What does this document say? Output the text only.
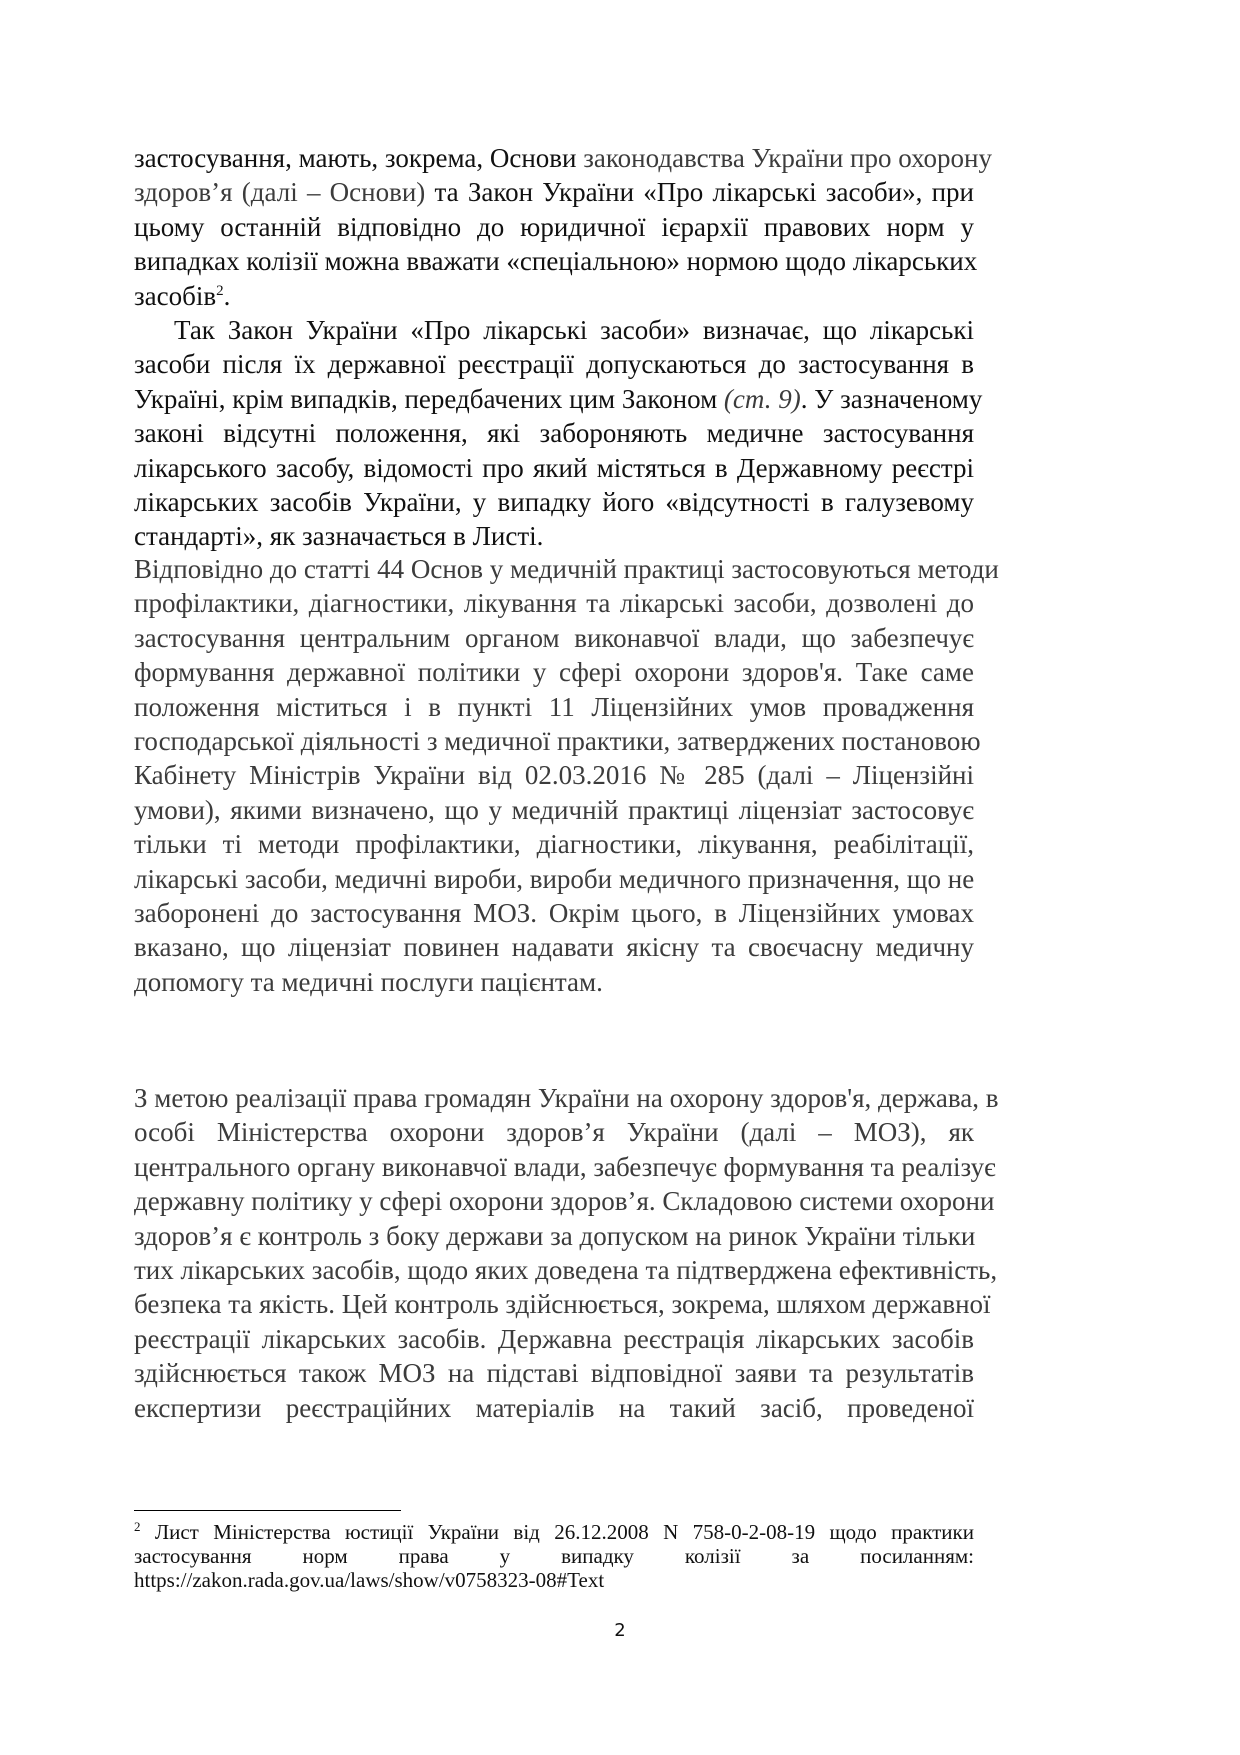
застосування, мають, зокрема, Основи законодавства України про охорону
здоров’я (далі – Основи) та Закон України «Про лікарські засоби», при
цьому останній відповідно до юридичної ієрархії правових норм у
випадках колізії можна вважати «спеціальною» нормою щодо лікарських
засобів$^2$.
Так Закон України «Про лікарські засоби» визначає, що лікарські
засоби після їх державної реєстрації допускаються до застосування в
Україні, крім випадків, передбачених цим Законом (ст. 9). У зазначеному
законі відсутні положення, які забороняють медичне застосування
лікарського засобу, відомості про який містяться в Державному реєстрі
лікарських засобів України, у випадку його «відсутності в галузевому
стандарті», як зазначається в Листі.
Відповідно до статті 44 Основ у медичній практиці застосовуються методи
профілактики, діагностики, лікування та лікарські засоби, дозволені до
застосування центральним органом виконавчої влади, що забезпечує
формування державної політики у сфері охорони здоров'я. Таке саме
положення міститься і в пункті 11 Ліцензійних умов провадження
господарської діяльності з медичної практики, затверджених постановою
Кабінету Міністрів України від 02.03.2016 № 285 (далі – Ліцензійні
умови), якими визначено, що у медичній практиці ліцензіат застосовує
тільки ті методи профілактики, діагностики, лікування, реабілітації,
лікарські засоби, медичні вироби, вироби медичного призначення, що не
заборонені до застосування МОЗ. Окрім цього, в Ліцензійних умовах
вказано, що ліцензіат повинен надавати якісну та своєчасну медичну
допомогу та медичні послуги пацієнтам.
З метою реалізації права громадян України на охорону здоров'я, держава, в
особі Міністерства охорони здоров’я України (далі – МОЗ), як
центрального органу виконавчої влади, забезпечує формування та реалізує
державну політику у сфері охорони здоров’я. Складовою системи охорони
здоров’я є контроль з боку держави за допуском на ринок України тільки
тих лікарських засобів, щодо яких доведена та підтверджена ефективність,
безпека та якість. Цей контроль здійснюється, зокрема, шляхом державної
реєстрації лікарських засобів. Державна реєстрація лікарських засобів
здійснюється також МОЗ на підставі відповідної заяви та результатів
експертизи реєстраційних матеріалів на такий засіб, проведеної
$^2$ Лист Міністерства юстиції України від 26.12.2008 N 758-0-2-08-19 щодо практики
застосування норм права у випадку колізії за посиланням:
https://zakon.rada.gov.ua/laws/show/v0758323-08#Text
2
